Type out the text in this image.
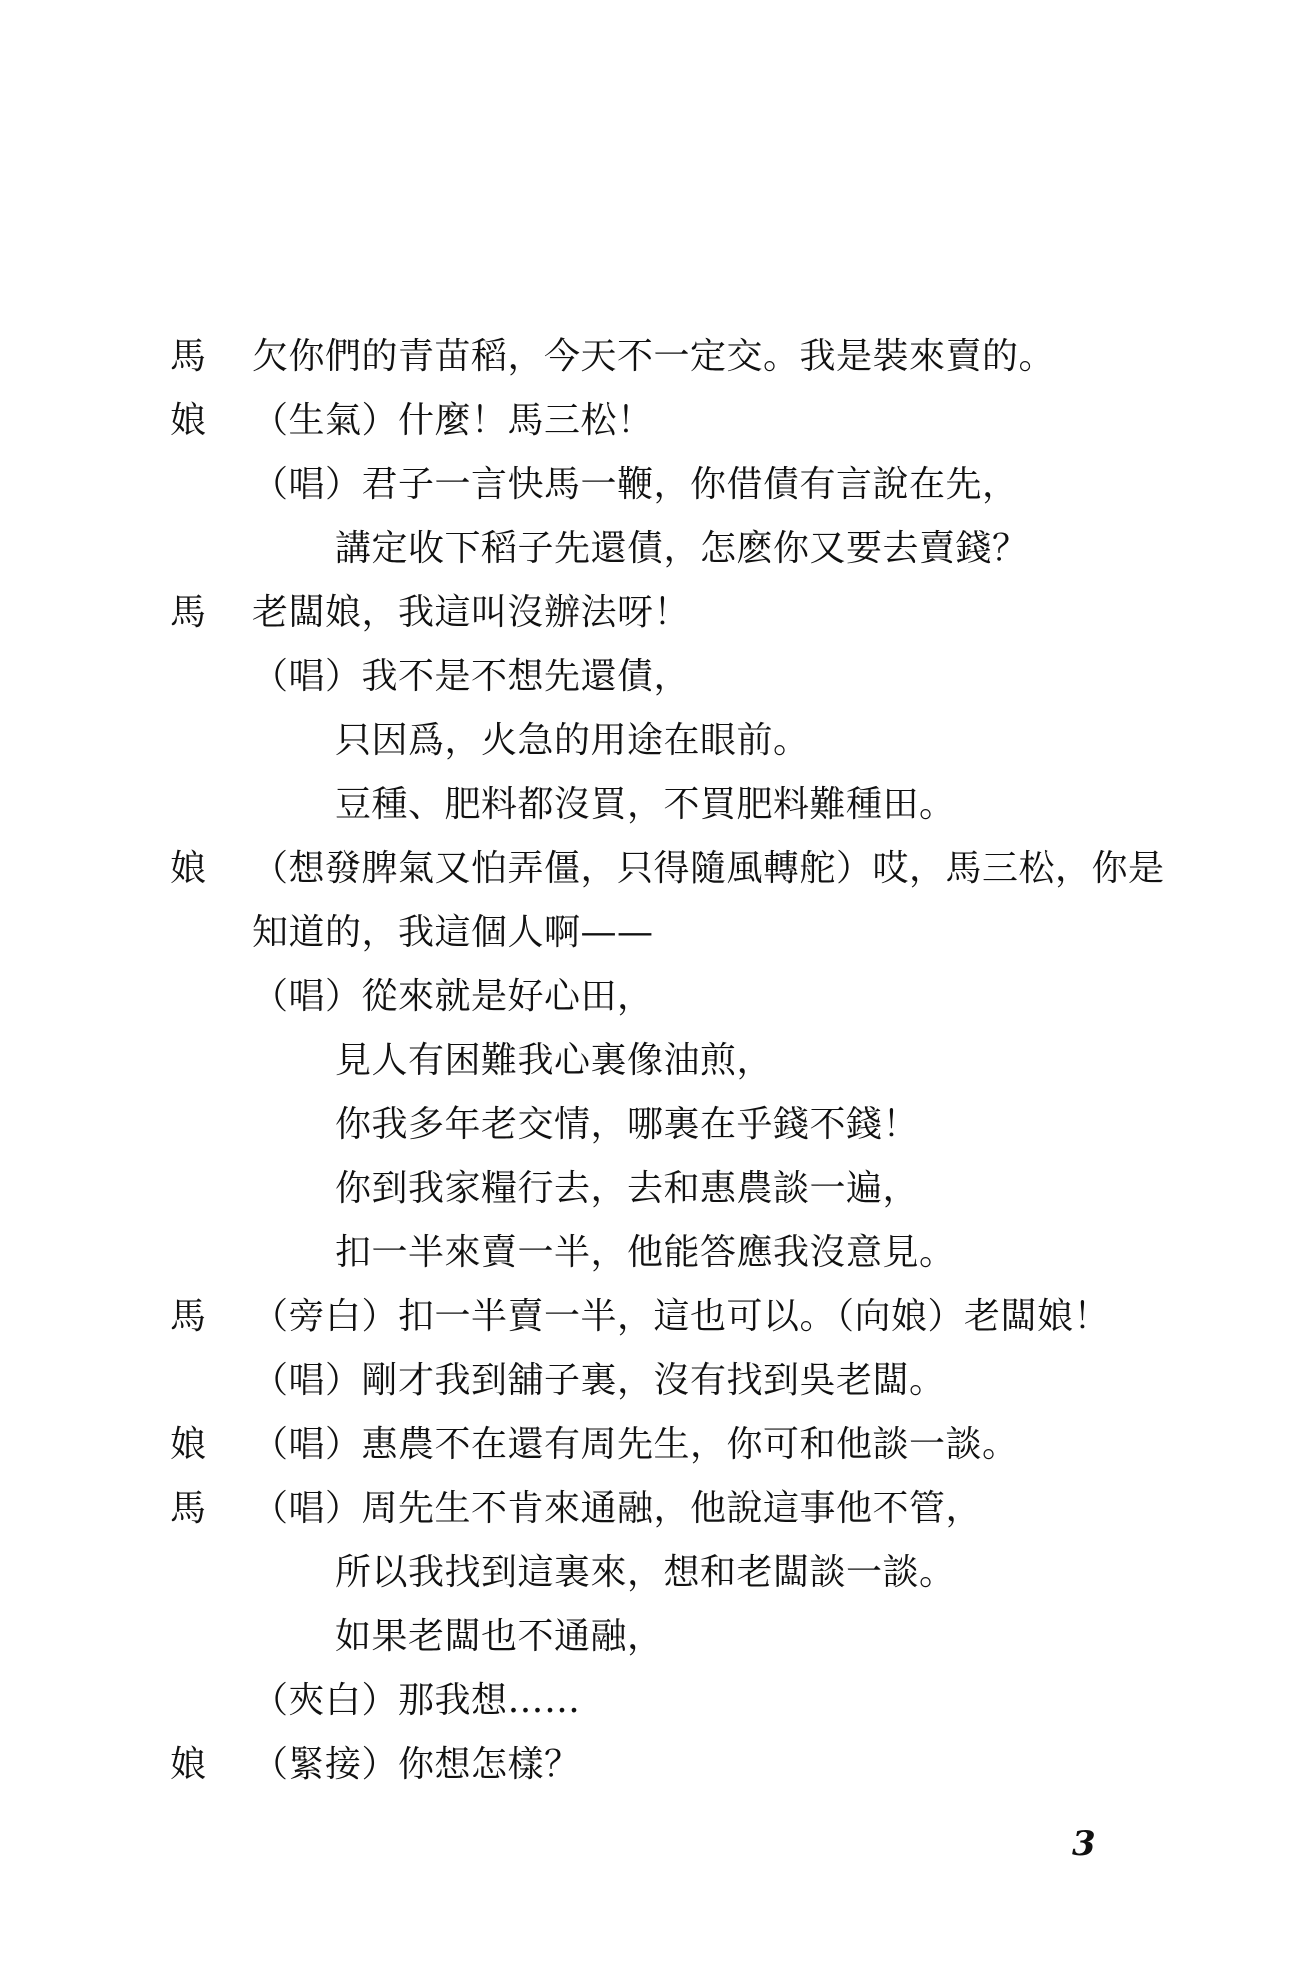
馬 欠你們的青苗稻，今天不一定交。我是裝來賣的。
娘 （生氣）什麼！馬三松！
（唱）君子一言快馬一鞭，你借債有言說在先，
講定收下稻子先還債，怎麽你又要去賣錢？
馬 老闆娘，我這叫沒辦法呀！
（唱）我不是不想先還債，
只因爲，火急的用途在眼前。
豆種、肥料都沒買，不買肥料難種田。
娘 （想發脾氣又怕弄僵，只得隨風轉舵）哎，馬三松，你是
知道的，我這個人啊——
（唱）從來就是好心田，
見人有困難我心裏像油煎，
你我多年老交情，哪裏在乎錢不錢！
你到我家糧行去，去和惠農談一遍，
扣一半來賣一半，他能答應我沒意見。
馬 （旁白）扣一半賣一半，這也可以。（向娘）老闆娘！
（唱）剛才我到舖子裏，沒有找到吳老闆。
娘 （唱）惠農不在還有周先生，你可和他談一談。
馬 （唱）周先生不肯來通融，他說這事他不管，
所以我找到這裏來，想和老闆談一談。
如果老闆也不通融，
（夾白）那我想……
娘 （緊接）你想怎樣？
3
